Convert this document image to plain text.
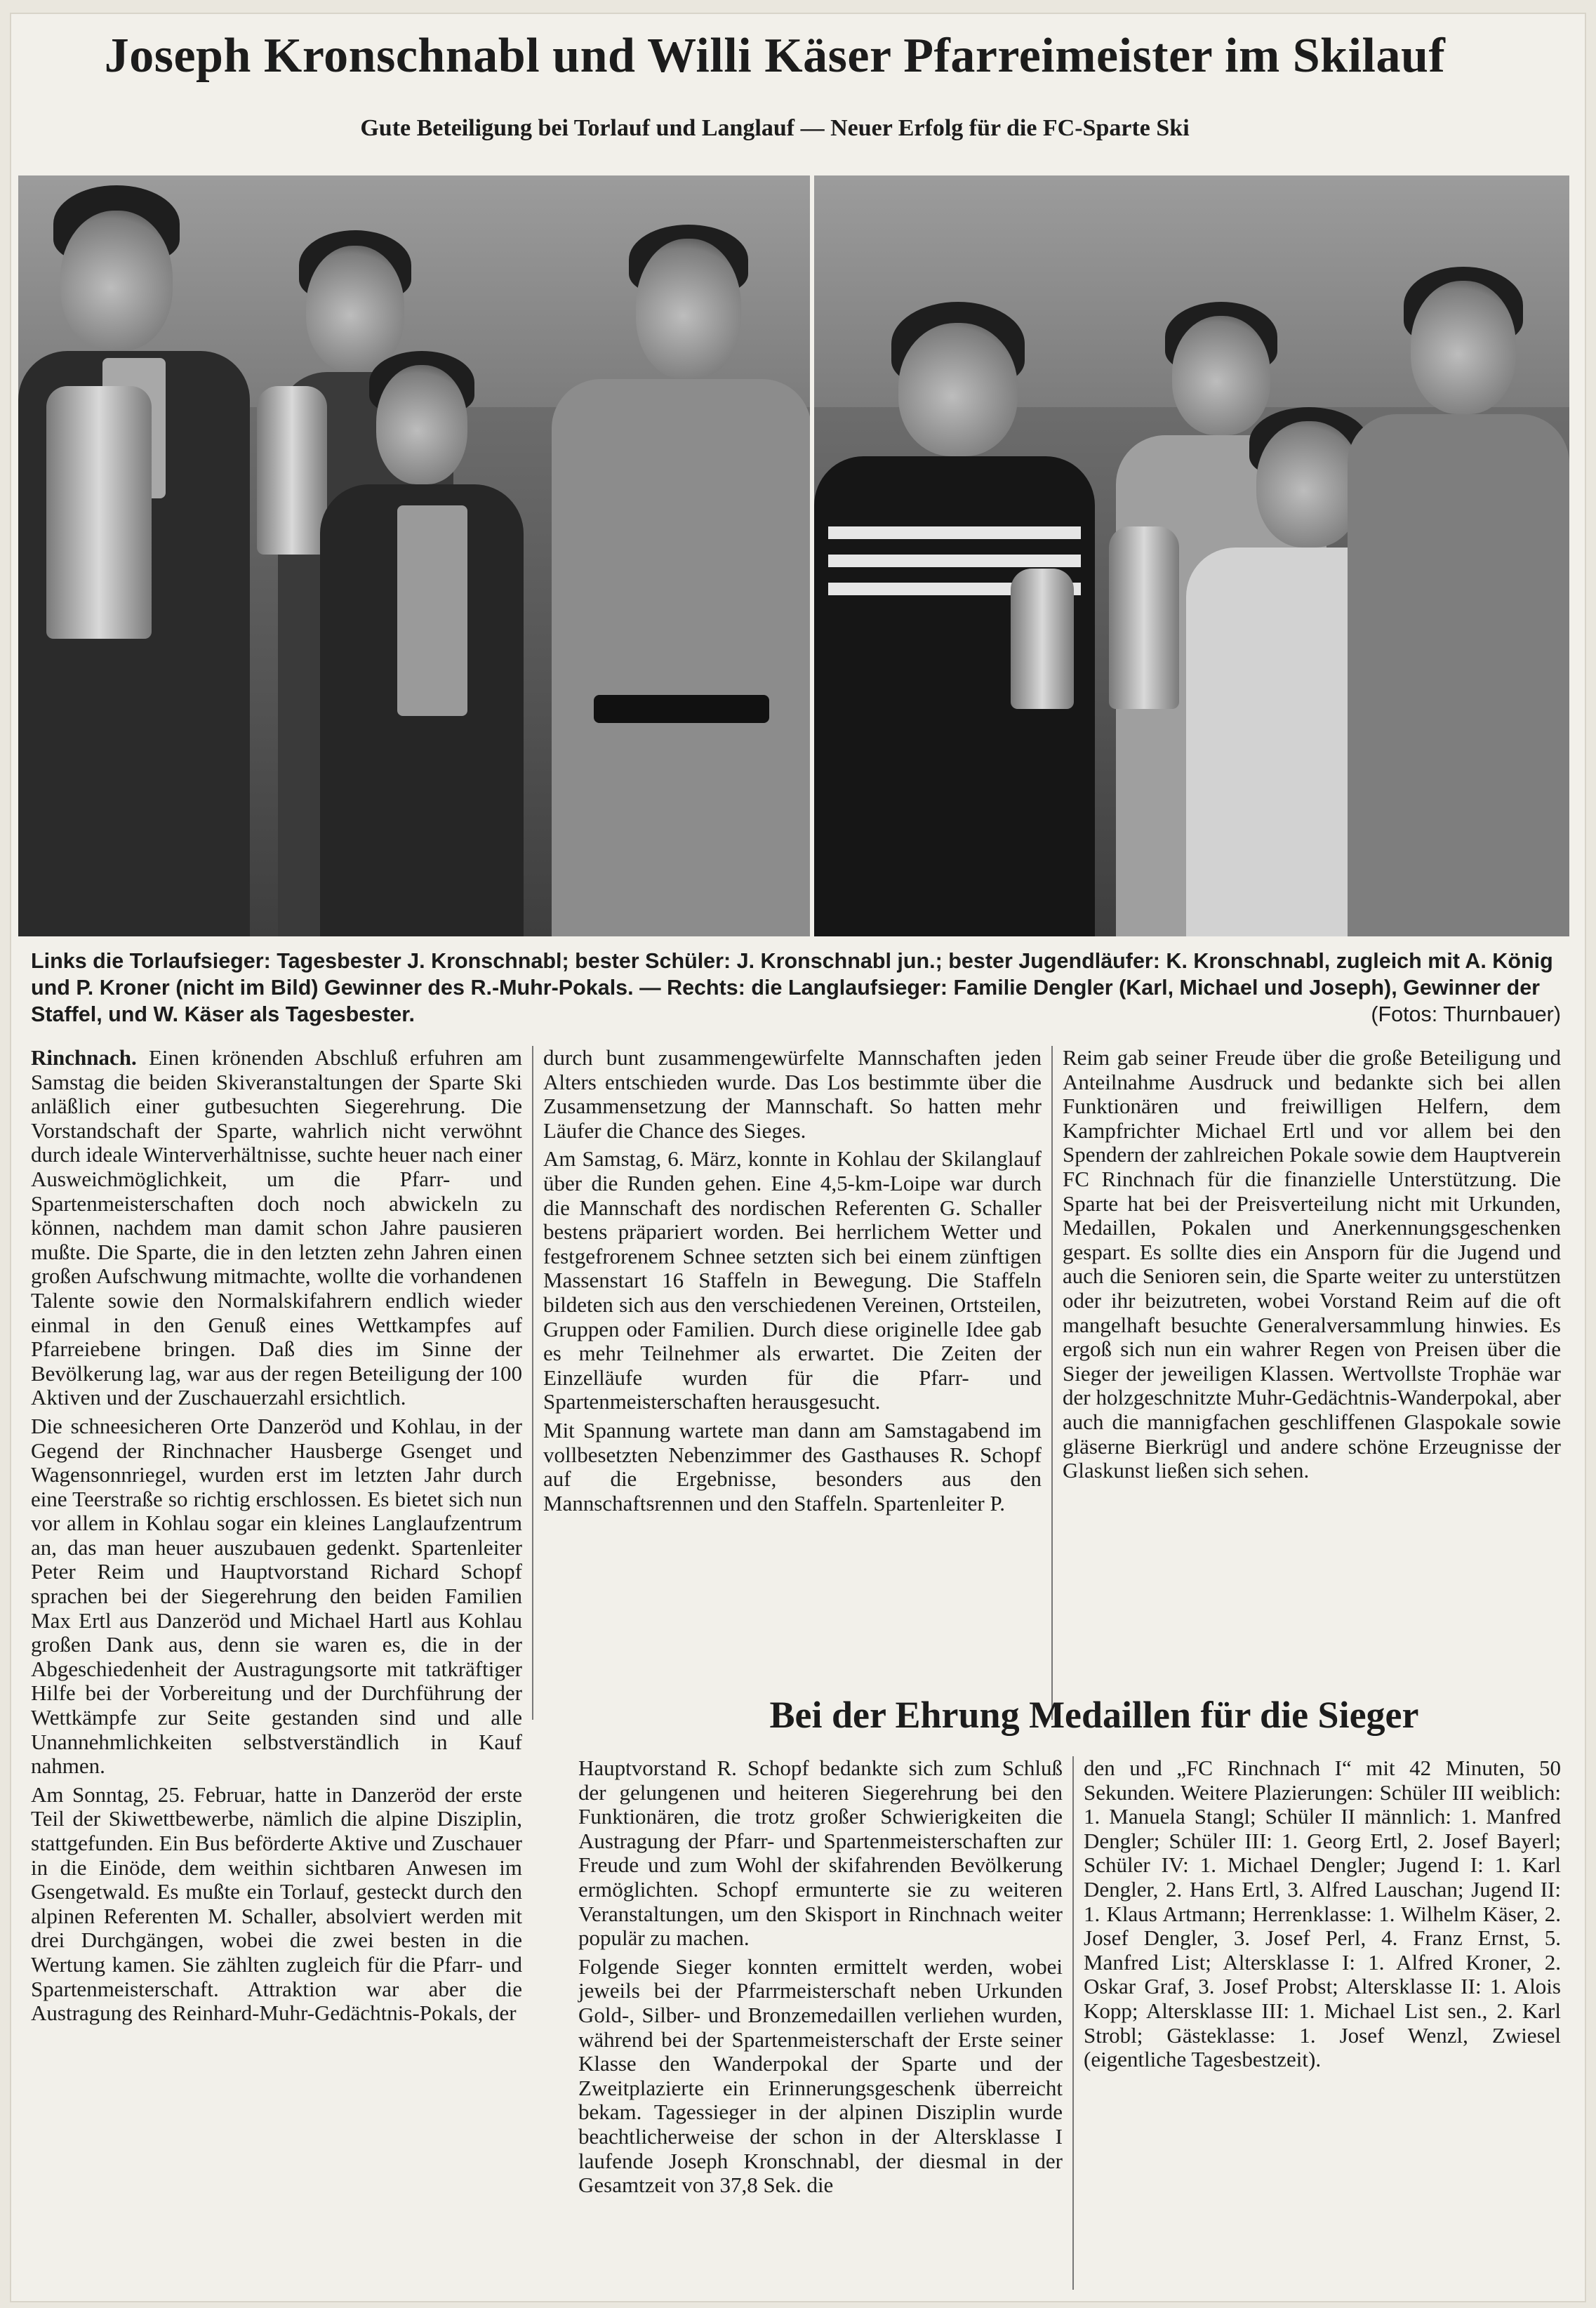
Joseph Kronschnabl und Willi Käser Pfarreimeister im Skilauf
Gute Beteiligung bei Torlauf und Langlauf — Neuer Erfolg für die FC-Sparte Ski
Links die Torlaufsieger: Tagesbester J. Kronschnabl; bester Schüler: J. Kronschnabl jun.; bester Jugendläufer: K. Kronschnabl, zugleich mit A. König und P. Kroner (nicht im Bild) Gewinner des R.-Muhr-Pokals. — Rechts: die Langlaufsieger: Familie Dengler (Karl, Michael und Joseph), Gewinner der Staffel, und W. Käser als Tagesbester.	(Fotos: Thurnbauer)

Rinchnach. Einen krönenden Abschluß erfuhren am Samstag die beiden Skiveranstaltungen der Sparte Ski anläßlich einer gutbesuchten Siegerehrung. Die Vorstandschaft der Sparte, wahrlich nicht verwöhnt durch ideale Winterverhältnisse, suchte heuer nach einer Ausweichmöglichkeit, um die Pfarr- und Spartenmeisterschaften doch noch abwickeln zu können, nachdem man damit schon Jahre pausieren mußte. Die Sparte, die in den letzten zehn Jahren einen großen Aufschwung mitmachte, wollte die vorhandenen Talente sowie den Normalskifahrern endlich wieder einmal in den Genuß eines Wettkampfes auf Pfarreiebene bringen. Daß dies im Sinne der Bevölkerung lag, war aus der regen Beteiligung der 100 Aktiven und der Zuschauerzahl ersichtlich.

Die schneesicheren Orte Danzeröd und Kohlau, in der Gegend der Rinchnacher Hausberge Gsenget und Wagensonnriegel, wurden erst im letzten Jahr durch eine Teerstraße so richtig erschlossen. Es bietet sich nun vor allem in Kohlau sogar ein kleines Langlaufzentrum an, das man heuer auszubauen gedenkt. Spartenleiter Peter Reim und Hauptvorstand Richard Schopf sprachen bei der Siegerehrung den beiden Familien Max Ertl aus Danzeröd und Michael Hartl aus Kohlau großen Dank aus, denn sie waren es, die in der Abgeschiedenheit der Austragungsorte mit tatkräftiger Hilfe bei der Vorbereitung und der Durchführung der Wettkämpfe zur Seite gestanden sind und alle Unannehmlichkeiten selbstverständlich in Kauf nahmen.

Am Sonntag, 25. Februar, hatte in Danzeröd der erste Teil der Skiwettbewerbe, nämlich die alpine Disziplin, stattgefunden. Ein Bus beförderte Aktive und Zuschauer in die Einöde, dem weithin sichtbaren Anwesen im Gsengetwald. Es mußte ein Torlauf, gesteckt durch den alpinen Referenten M. Schaller, absolviert werden mit drei Durchgängen, wobei die zwei besten in die Wertung kamen. Sie zählten zugleich für die Pfarr- und Spartenmeisterschaft. Attraktion war aber die Austragung des Reinhard-Muhr-Gedächtnis-Pokals, der

durch bunt zusammengewürfelte Mannschaften jeden Alters entschieden wurde. Das Los bestimmte über die Zusammensetzung der Mannschaft. So hatten mehr Läufer die Chance des Sieges.

Am Samstag, 6. März, konnte in Kohlau der Skilanglauf über die Runden gehen. Eine 4,5-km-Loipe war durch die Mannschaft des nordischen Referenten G. Schaller bestens präpariert worden. Bei herrlichem Wetter und festgefrorenem Schnee setzten sich bei einem zünftigen Massenstart 16 Staffeln in Bewegung. Die Staffeln bildeten sich aus den verschiedenen Vereinen, Ortsteilen, Gruppen oder Familien. Durch diese originelle Idee gab es mehr Teilnehmer als erwartet. Die Zeiten der Einzelläufe wurden für die Pfarr- und Spartenmeisterschaften herausgesucht.

Mit Spannung wartete man dann am Samstagabend im vollbesetzten Nebenzimmer des Gasthauses R. Schopf auf die Ergebnisse, besonders aus den Mannschaftsrennen und den Staffeln. Spartenleiter P.

Reim gab seiner Freude über die große Beteiligung und Anteilnahme Ausdruck und bedankte sich bei allen Funktionären und freiwilligen Helfern, dem Kampfrichter Michael Ertl und vor allem bei den Spendern der zahlreichen Pokale sowie dem Hauptverein FC Rinchnach für die finanzielle Unterstützung. Die Sparte hat bei der Preisverteilung nicht mit Urkunden, Medaillen, Pokalen und Anerkennungsgeschenken gespart. Es sollte dies ein Ansporn für die Jugend und auch die Senioren sein, die Sparte weiter zu unterstützen oder ihr beizutreten, wobei Vorstand Reim auf die oft mangelhaft besuchte Generalversammlung hinwies. Es ergoß sich nun ein wahrer Regen von Preisen über die Sieger der jeweiligen Klassen. Wertvollste Trophäe war der holzgeschnitzte Muhr-Gedächtnis-Wanderpokal, aber auch die mannigfachen geschliffenen Glaspokale sowie gläserne Bierkrügl und andere schöne Erzeugnisse der Glaskunst ließen sich sehen.

Bei der Ehrung Medaillen für die Sieger

Hauptvorstand R. Schopf bedankte sich zum Schluß der gelungenen und heiteren Siegerehrung bei den Funktionären, die trotz großer Schwierigkeiten die Austragung der Pfarr- und Spartenmeisterschaften zur Freude und zum Wohl der skifahrenden Bevölkerung ermöglichten. Schopf ermunterte sie zu weiteren Veranstaltungen, um den Skisport in Rinchnach weiter populär zu machen.

Folgende Sieger konnten ermittelt werden, wobei jeweils bei der Pfarrmeisterschaft neben Urkunden Gold-, Silber- und Bronzemedaillen verliehen wurden, während bei der Spartenmeisterschaft der Erste seiner Klasse den Wanderpokal der Sparte und der Zweitplazierte ein Erinnerungsgeschenk überreicht bekam. Tagessieger in der alpinen Disziplin wurde beachtlicherweise der schon in der Altersklasse I laufende Joseph Kronschnabl, der diesmal in der Gesamtzeit von 37,8 Sek. die

den und „FC Rinchnach I“ mit 42 Minuten, 50 Sekunden. Weitere Plazierungen: Schüler III weiblich: 1. Manuela Stangl; Schüler II männlich: 1. Manfred Dengler; Schüler III: 1. Georg Ertl, 2. Josef Bayerl; Schüler IV: 1. Michael Dengler; Jugend I: 1. Karl Dengler, 2. Hans Ertl, 3. Alfred Lauschan; Jugend II: 1. Klaus Artmann; Herrenklasse: 1. Wilhelm Käser, 2. Josef Dengler, 3. Josef Perl, 4. Franz Ernst, 5. Manfred List; Altersklasse I: 1. Alfred Kroner, 2. Oskar Graf, 3. Josef Probst; Altersklasse II: 1. Alois Kopp; Altersklasse III: 1. Michael List sen., 2. Karl Strobl; Gästeklasse: 1. Josef Wenzl, Zwiesel (eigentliche Tagesbestzeit).
